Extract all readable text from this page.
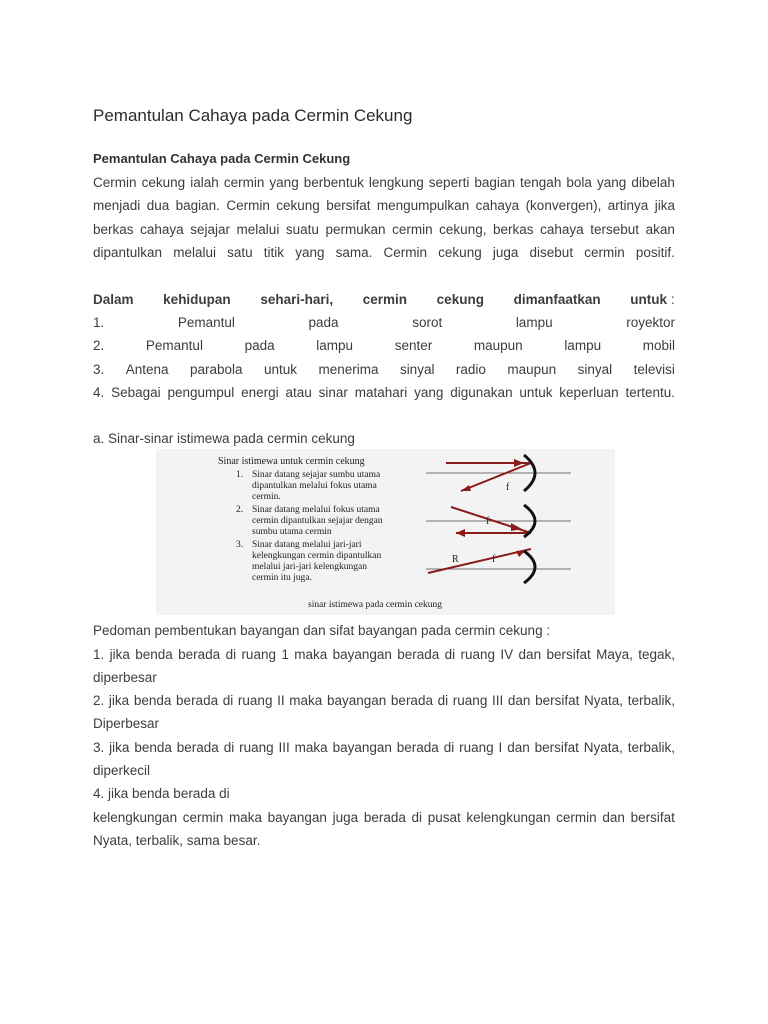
Pemantulan Cahaya pada Cermin Cekung
Pemantulan Cahaya pada Cermin Cekung
Cermin cekung ialah cermin yang berbentuk lengkung seperti bagian tengah bola yang dibelah
menjadi dua bagian. Cermin cekung bersifat mengumpulkan cahaya (konvergen), artinya jika
berkas cahaya sejajar melalui suatu permukan cermin cekung, berkas cahaya tersebut akan
dipantulkan melalui satu titik yang sama. Cermin cekung juga disebut cermin positif.
Dalam kehidupan sehari-hari, cermin cekung dimanfaatkan untuk :
1.	Pemantul	pada	sorot	lampu	royektor
2.	Pemantul	pada	lampu	senter	maupun	lampu	mobil
3. Antena parabola untuk menerima sinyal radio maupun sinyal televisi
4. Sebagai pengumpul energi atau sinar matahari yang digunakan untuk keperluan tertentu.
a. Sinar-sinar istimewa pada cermin cekung
Sinar istimewa untuk cermin cekung
1. Sinar datang sejajar sumbu utama
dipantulkan melalui fokus utama
cermin.
2. Sinar datang melalui fokus utama
cermin dipantulkan sejajar dengan
sumbu utama cermin
3. Sinar datang melalui jari-jari
kelengkungan cermin dipantulkan
melalui jari-jari kelengkungan
cermin itu juga.
f
f
R	f
sinar istimewa pada cermin cekung
Pedoman pembentukan bayangan dan sifat bayangan pada cermin cekung :
1. jika benda berada di ruang 1 maka bayangan berada di ruang IV dan bersifat Maya, tegak,
diperbesar
2. jika benda berada di ruang II maka bayangan berada di ruang III dan bersifat Nyata, terbalik,
Diperbesar
3. jika benda berada di ruang III maka bayangan berada di ruang I dan bersifat Nyata, terbalik,
diperkecil
4. jika benda berada di
kelengkungan cermin maka bayangan juga berada di pusat kelengkungan cermin dan bersifat
Nyata, terbalik, sama besar.
